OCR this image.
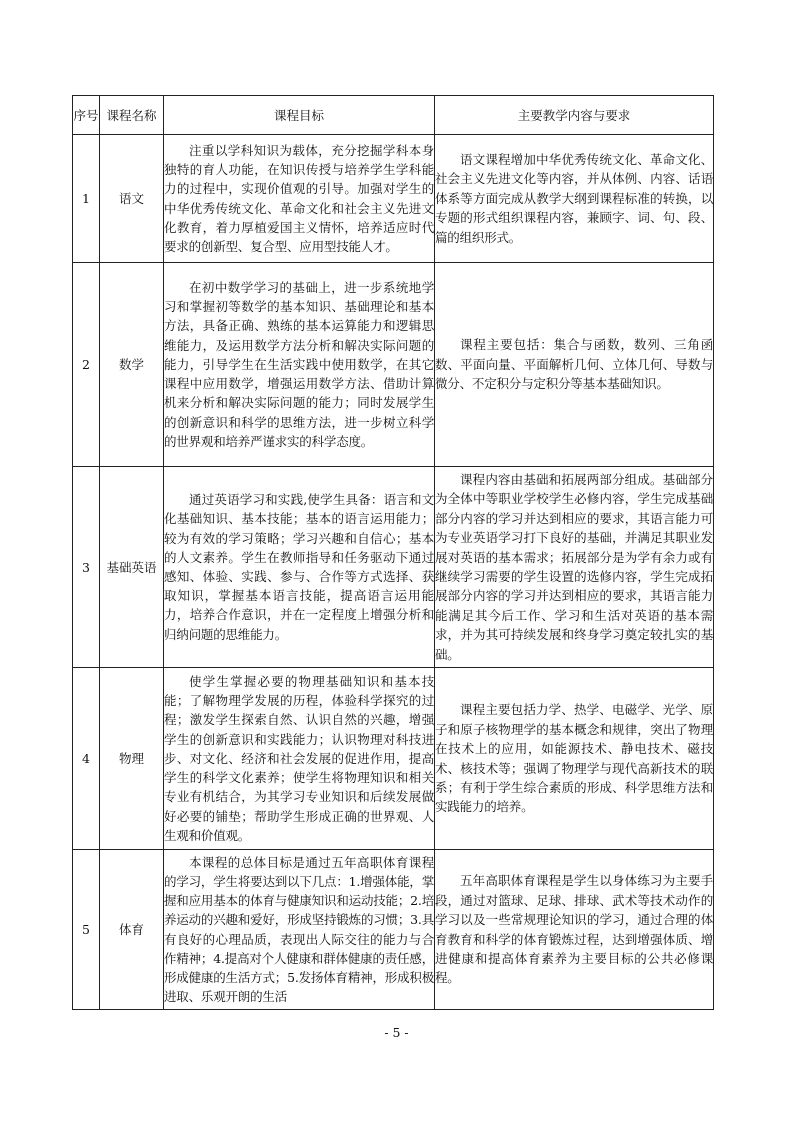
序号	课程名称	课程目标	主要教学内容与要求
1	语文	注重以学科知识为载体，充分挖掘学科本身独特的育人功能，在知识传授与培养学生学科能力的过程中，实现价值观的引导。加强对学生的中华优秀传统文化、革命文化和社会主义先进文化教育，着力厚植爱国主义情怀，培养适应时代要求的创新型、复合型、应用型技能人才。	语文课程增加中华优秀传统文化、革命文化、社会主义先进文化等内容，并从体例、内容、话语体系等方面完成从教学大纲到课程标准的转换，以专题的形式组织课程内容，兼顾字、词、句、段、篇的组织形式。

2	数学	在初中数学学习的基础上，进一步系统地学习和掌握初等数学的基本知识、基础理论和基本方法，具备正确、熟练的基本运算能力和逻辑思维能力，及运用数学方法分析和解决实际问题的能力，引导学生在生活实践中使用数学，在其它课程中应用数学，增强运用数学方法、借助计算机来分析和解决实际问题的能力；同时发展学生的创新意识和科学的思维方法，进一步树立科学的世界观和培养严谨求实的科学态度。	课程主要包括：集合与函数，数列、三角函数、平面向量、平面解析几何、立体几何、导数与微分、不定积分与定积分等基本基础知识。

3	基础英语	通过英语学习和实践,使学生具备：语言和文化基础知识、基本技能；基本的语言运用能力；较为有效的学习策略；学习兴趣和自信心；基本的人文素养。学生在教师指导和任务驱动下通过感知、体验、实践、参与、合作等方式选择、获取知识，掌握基本语言技能，提高语言运用能力，培养合作意识，并在一定程度上增强分析和归纳问题的思维能力。	课程内容由基础和拓展两部分组成。基础部分为全体中等职业学校学生必修内容，学生完成基础部分内容的学习并达到相应的要求，其语言能力可为专业英语学习打下良好的基础，并满足其职业发展对英语的基本需求；拓展部分是为学有余力或有继续学习需要的学生设置的选修内容，学生完成拓展部分内容的学习并达到相应的要求，其语言能力能满足其今后工作、学习和生活对英语的基本需求，并为其可持续发展和终身学习奠定较扎实的基础。

4	物理	使学生掌握必要的物理基础知识和基本技能；了解物理学发展的历程，体验科学探究的过程；激发学生探索自然、认识自然的兴趣，增强学生的创新意识和实践能力；认识物理对科技进步、对文化、经济和社会发展的促进作用，提高学生的科学文化素养；使学生将物理知识和相关专业有机结合，为其学习专业知识和后续发展做好必要的铺垫；帮助学生形成正确的世界观、人生观和价值观。	课程主要包括力学、热学、电磁学、光学、原子和原子核物理学的基本概念和规律，突出了物理在技术上的应用，如能源技术、静电技术、磁技术、核技术等；强调了物理学与现代高新技术的联系；有利于学生综合素质的形成、科学思维方法和实践能力的培养。

5	体育	本课程的总体目标是通过五年高职体育课程的学习，学生将要达到以下几点：1.增强体能，掌握和应用基本的体育与健康知识和运动技能；2.培养运动的兴趣和爱好，形成坚持锻炼的习惯；3.具有良好的心理品质，表现出人际交往的能力与合作精神；4.提高对个人健康和群体健康的责任感，形成健康的生活方式；5.发扬体育精神，形成积极进取、乐观开朗的生活	五年高职体育课程是学生以身体练习为主要手段，通过对篮球、足球、排球、武术等技术动作的学习以及一些常规理论知识的学习，通过合理的体育教育和科学的体育锻炼过程，达到增强体质、增进健康和提高体育素养为主要目标的公共必修课程。
- 5 -
